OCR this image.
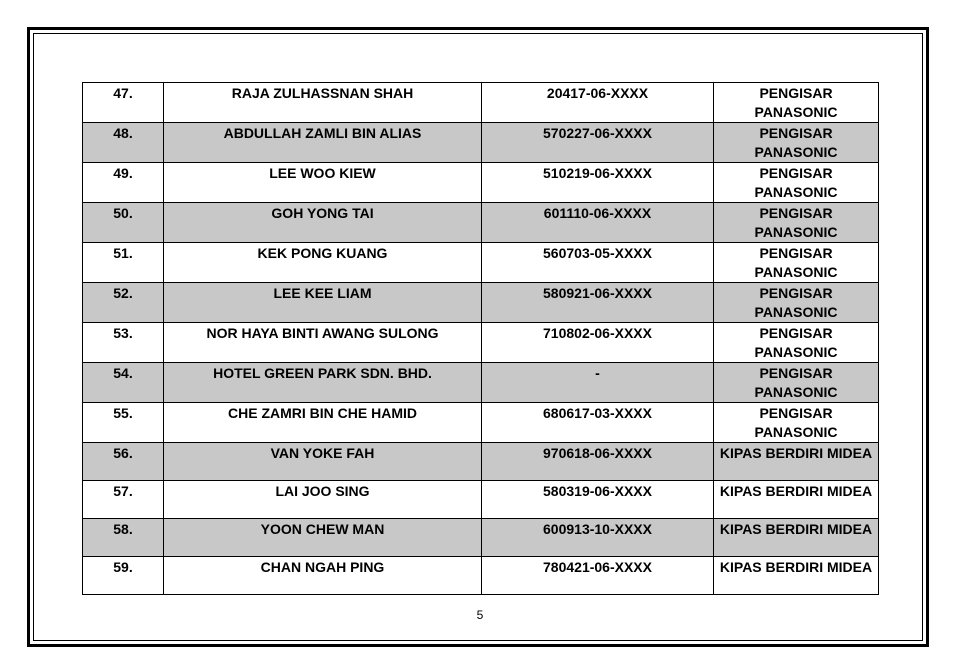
47.	RAJA ZULHASSNAN SHAH	20417-06-XXXX	PENGISAR PANASONIC
48.	ABDULLAH ZAMLI BIN ALIAS	570227-06-XXXX	PENGISAR PANASONIC
49.	LEE WOO KIEW	510219-06-XXXX	PENGISAR PANASONIC
50.	GOH YONG TAI	601110-06-XXXX	PENGISAR PANASONIC
51.	KEK PONG KUANG	560703-05-XXXX	PENGISAR PANASONIC
52.	LEE KEE LIAM	580921-06-XXXX	PENGISAR PANASONIC
53.	NOR HAYA BINTI AWANG SULONG	710802-06-XXXX	PENGISAR PANASONIC
54.	HOTEL GREEN PARK SDN. BHD.	-	PENGISAR PANASONIC
55.	CHE ZAMRI BIN CHE HAMID	680617-03-XXXX	PENGISAR PANASONIC
56.	VAN YOKE FAH	970618-06-XXXX	KIPAS BERDIRI MIDEA
57.	LAI JOO SING	580319-06-XXXX	KIPAS BERDIRI MIDEA
58.	YOON CHEW MAN	600913-10-XXXX	KIPAS BERDIRI MIDEA
59.	CHAN NGAH PING	780421-06-XXXX	KIPAS BERDIRI MIDEA
5
